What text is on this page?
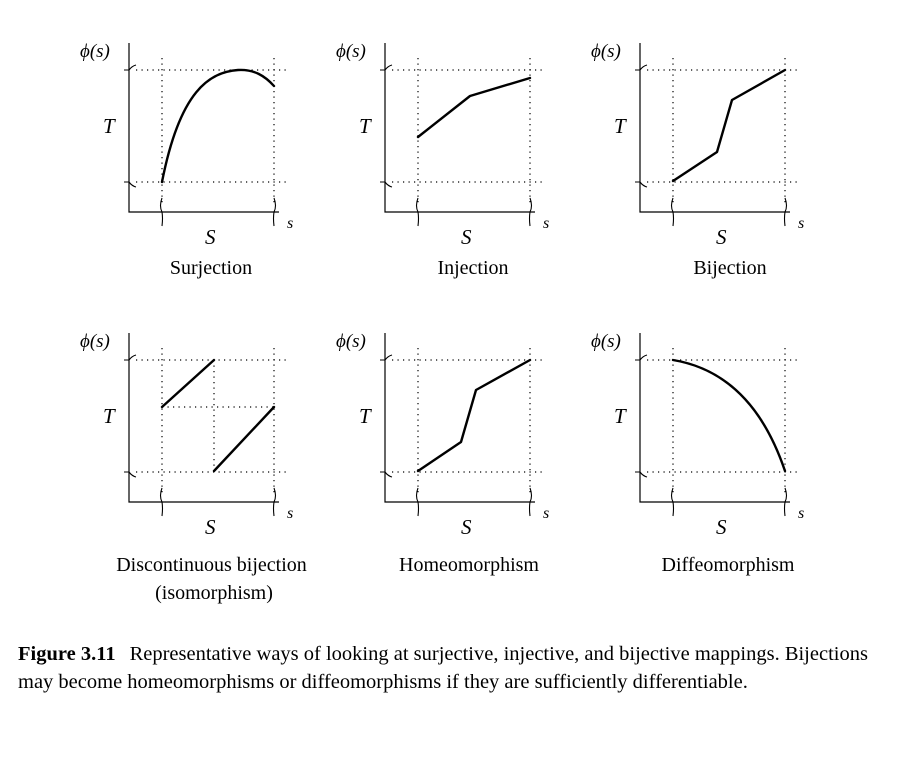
ϕ(s)
T
S
s
Surjection
ϕ(s)
T
S
s
Injection
ϕ(s)
T
S
s
Bijection
ϕ(s)
T
S
s
Discontinuous bijection (isomorphism)
ϕ(s)
T
S
s
Homeomorphism
ϕ(s)
T
S
s
Diffeomorphism
Figure 3.11 Representative ways of looking at surjective, injective, and bijective mappings. Bijections may become homeomorphisms or diffeomorphisms if they are sufficiently differentiable.
